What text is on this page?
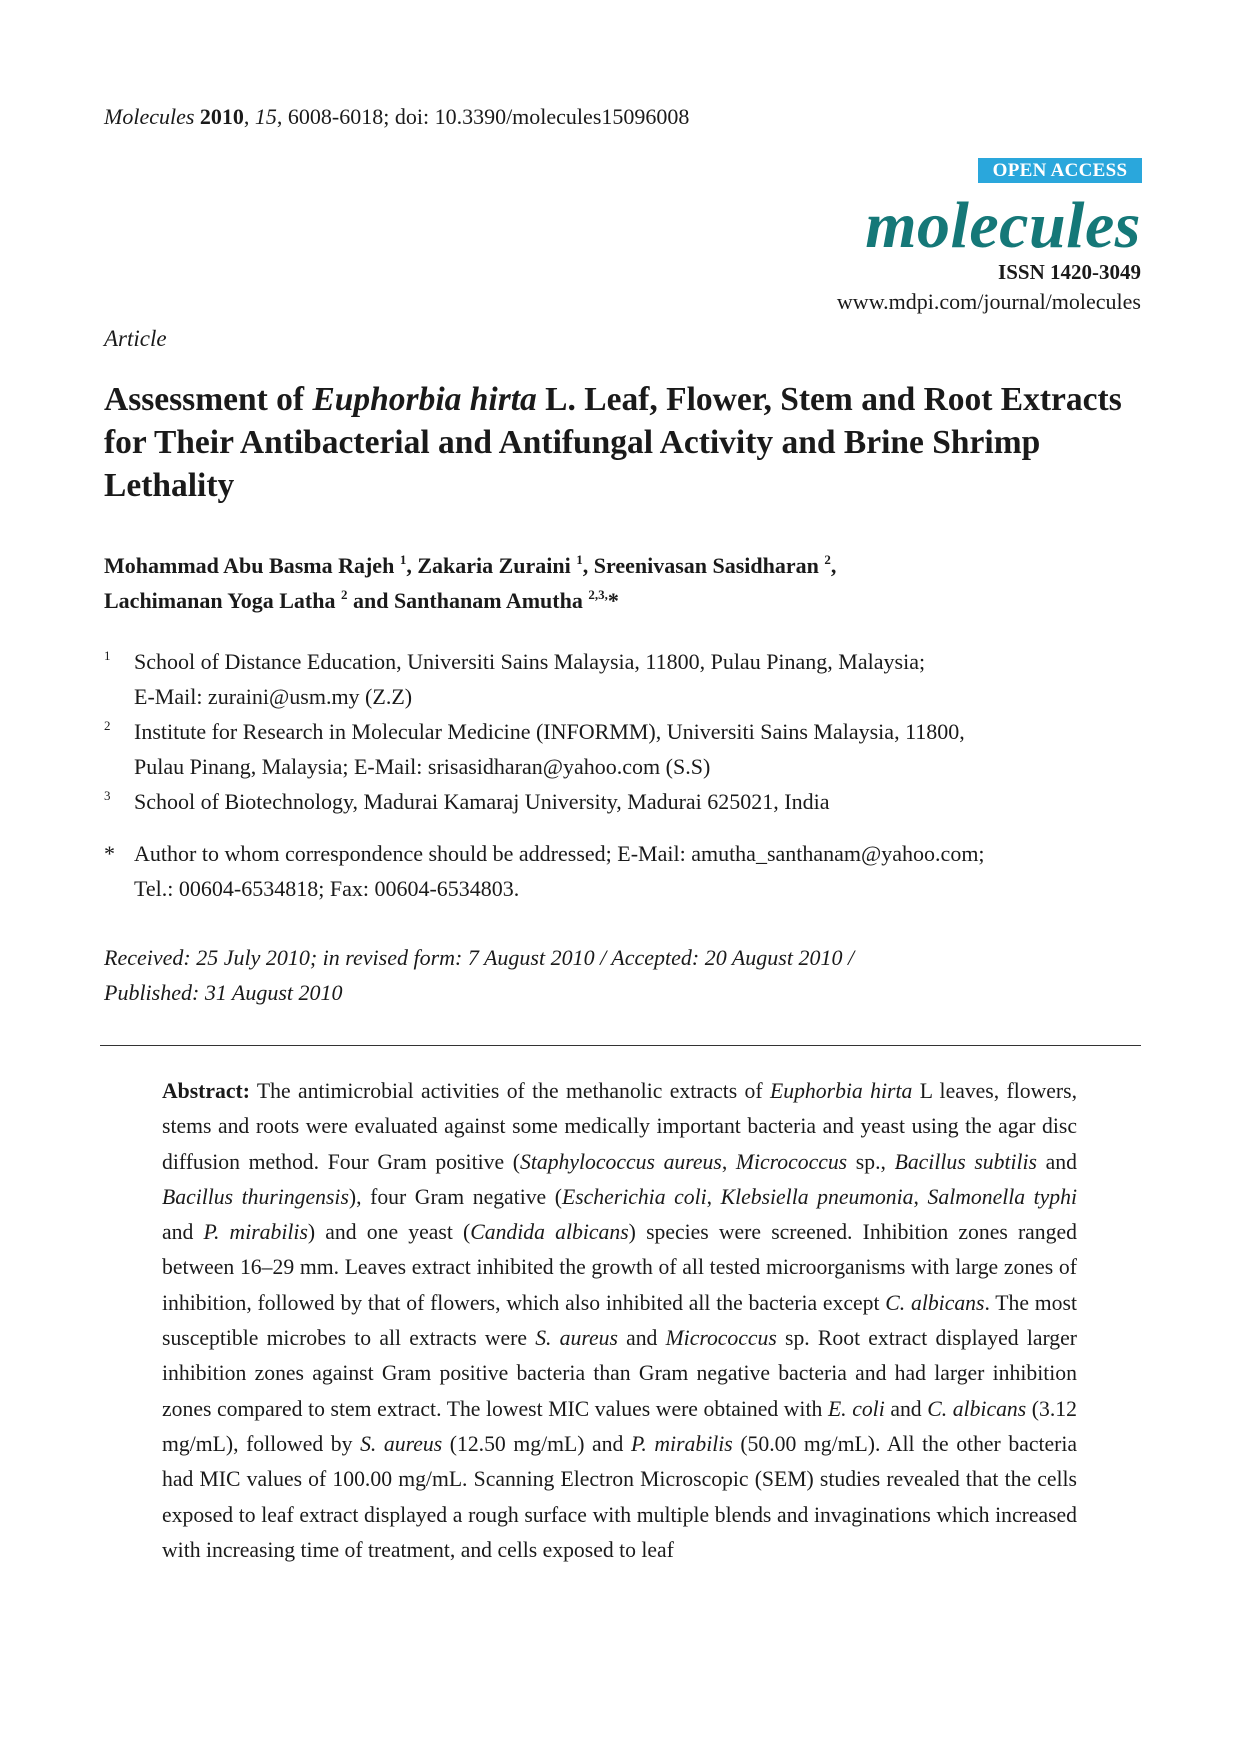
Molecules 2010, 15, 6008-6018; doi: 10.3390/molecules15096008
OPEN ACCESS
molecules
ISSN 1420-3049
www.mdpi.com/journal/molecules
Article
Assessment of Euphorbia hirta L. Leaf, Flower, Stem and Root Extracts for Their Antibacterial and Antifungal Activity and Brine Shrimp Lethality
Mohammad Abu Basma Rajeh $^1$, Zakaria Zuraini $^1$, Sreenivasan Sasidharan $^2$,
Lachimanan Yoga Latha $^2$ and Santhanam Amutha $^{2,3,}$*
1 School of Distance Education, Universiti Sains Malaysia, 11800, Pulau Pinang, Malaysia;
E-Mail: zuraini@usm.my (Z.Z)
2 Institute for Research in Molecular Medicine (INFORMM), Universiti Sains Malaysia, 11800,
Pulau Pinang, Malaysia; E-Mail: srisasidharan@yahoo.com (S.S)
3 School of Biotechnology, Madurai Kamaraj University, Madurai 625021, India
* Author to whom correspondence should be addressed; E-Mail: amutha_santhanam@yahoo.com;
Tel.: 00604-6534818; Fax: 00604-6534803.
Received: 25 July 2010; in revised form: 7 August 2010 / Accepted: 20 August 2010 /
Published: 31 August 2010

Abstract: The antimicrobial activities of the methanolic extracts of Euphorbia hirta L leaves, flowers, stems and roots were evaluated against some medically important bacteria and yeast using the agar disc diffusion method. Four Gram positive (Staphylococcus aureus, Micrococcus sp., Bacillus subtilis and Bacillus thuringensis), four Gram negative (Escherichia coli, Klebsiella pneumonia, Salmonella typhi and P. mirabilis) and one yeast (Candida albicans) species were screened. Inhibition zones ranged between 16–29 mm. Leaves extract inhibited the growth of all tested microorganisms with large zones of inhibition, followed by that of flowers, which also inhibited all the bacteria except C. albicans. The most susceptible microbes to all extracts were S. aureus and Micrococcus sp. Root extract displayed larger inhibition zones against Gram positive bacteria than Gram negative bacteria and had larger inhibition zones compared to stem extract. The lowest MIC values were obtained with E. coli and C. albicans (3.12 mg/mL), followed by S. aureus (12.50 mg/mL) and P. mirabilis (50.00 mg/mL). All the other bacteria had MIC values of 100.00 mg/mL. Scanning Electron Microscopic (SEM) studies revealed that the cells exposed to leaf extract displayed a rough surface with multiple blends and invaginations which increased with increasing time of treatment, and cells exposed to leaf
